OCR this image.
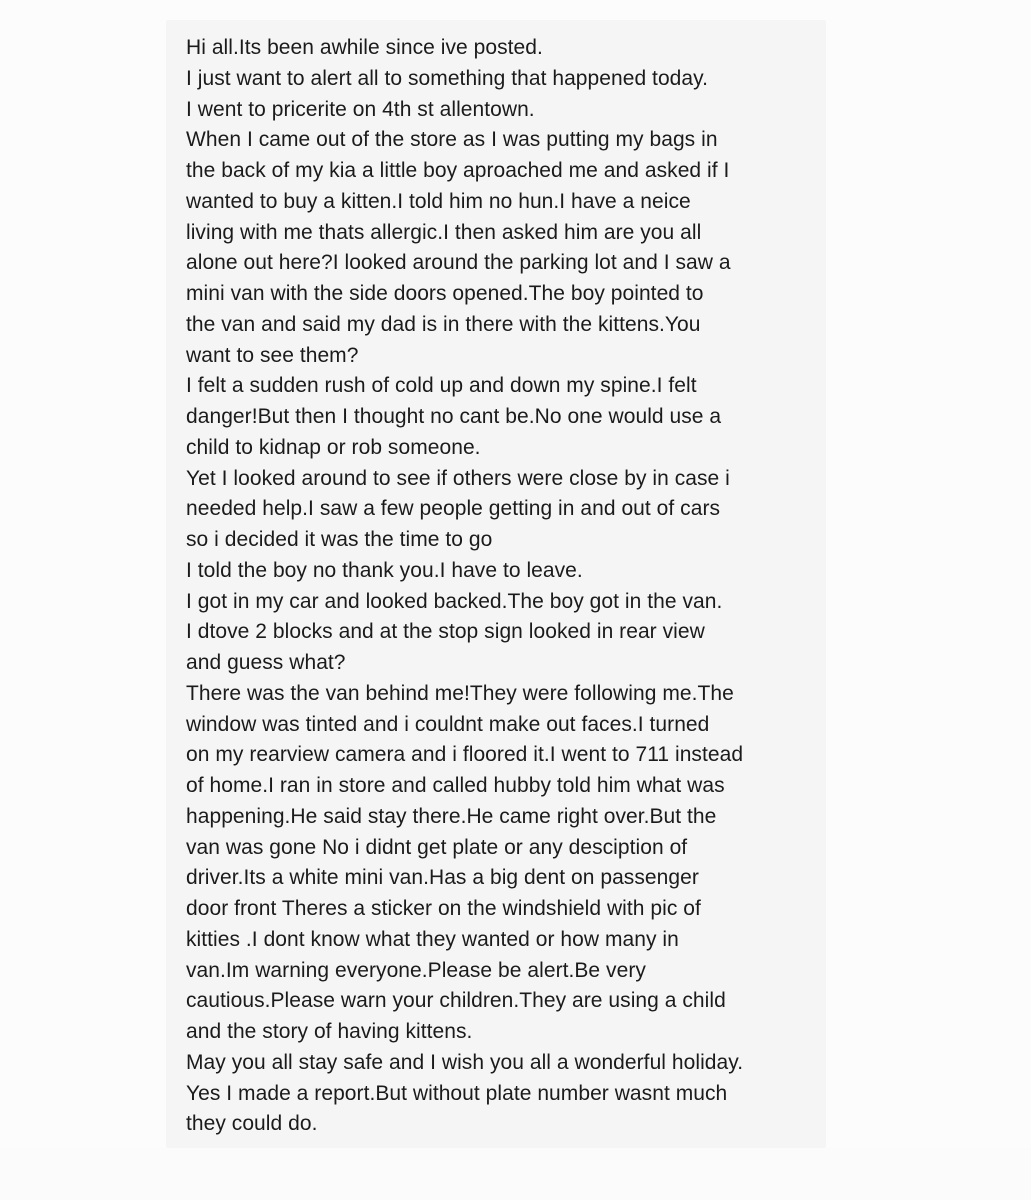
Hi all.Its been awhile since ive posted.
I just want to alert all to something that happened today.
I went to pricerite on 4th st allentown.
When I came out of the store as I was putting my bags in
the back of my kia a little boy aproached me and asked if I
wanted to buy a kitten.I told him no hun.I have a neice
living with me thats allergic.I then asked him are you all
alone out here?I looked around the parking lot and I saw a
mini van with the side doors opened.The boy pointed to
the van and said my dad is in there with the kittens.You
want to see them?
I felt a sudden rush of cold up and down my spine.I felt
danger!But then I thought no cant be.No one would use a
child to kidnap or rob someone.
Yet I looked around to see if others were close by in case i
needed help.I saw a few people getting in and out of cars
so i decided it was the time to go
I told the boy no thank you.I have to leave.
I got in my car and looked backed.The boy got in the van.
I dtove 2 blocks and at the stop sign looked in rear view
and guess what?
There was the van behind me!They were following me.The
window was tinted and i couldnt make out faces.I turned
on my rearview camera and i floored it.I went to 711 instead
of home.I ran in store and called hubby told him what was
happening.He said stay there.He came right over.But the
van was gone No i didnt get plate or any desciption of
driver.Its a white mini van.Has a big dent on passenger
door front Theres a sticker on the windshield with pic of
kitties .I dont know what they wanted or how many in
van.Im warning everyone.Please be alert.Be very
cautious.Please warn your children.They are using a child
and the story of having kittens.
May you all stay safe and I wish you all a wonderful holiday.
Yes I made a report.But without plate number wasnt much
they could do.
